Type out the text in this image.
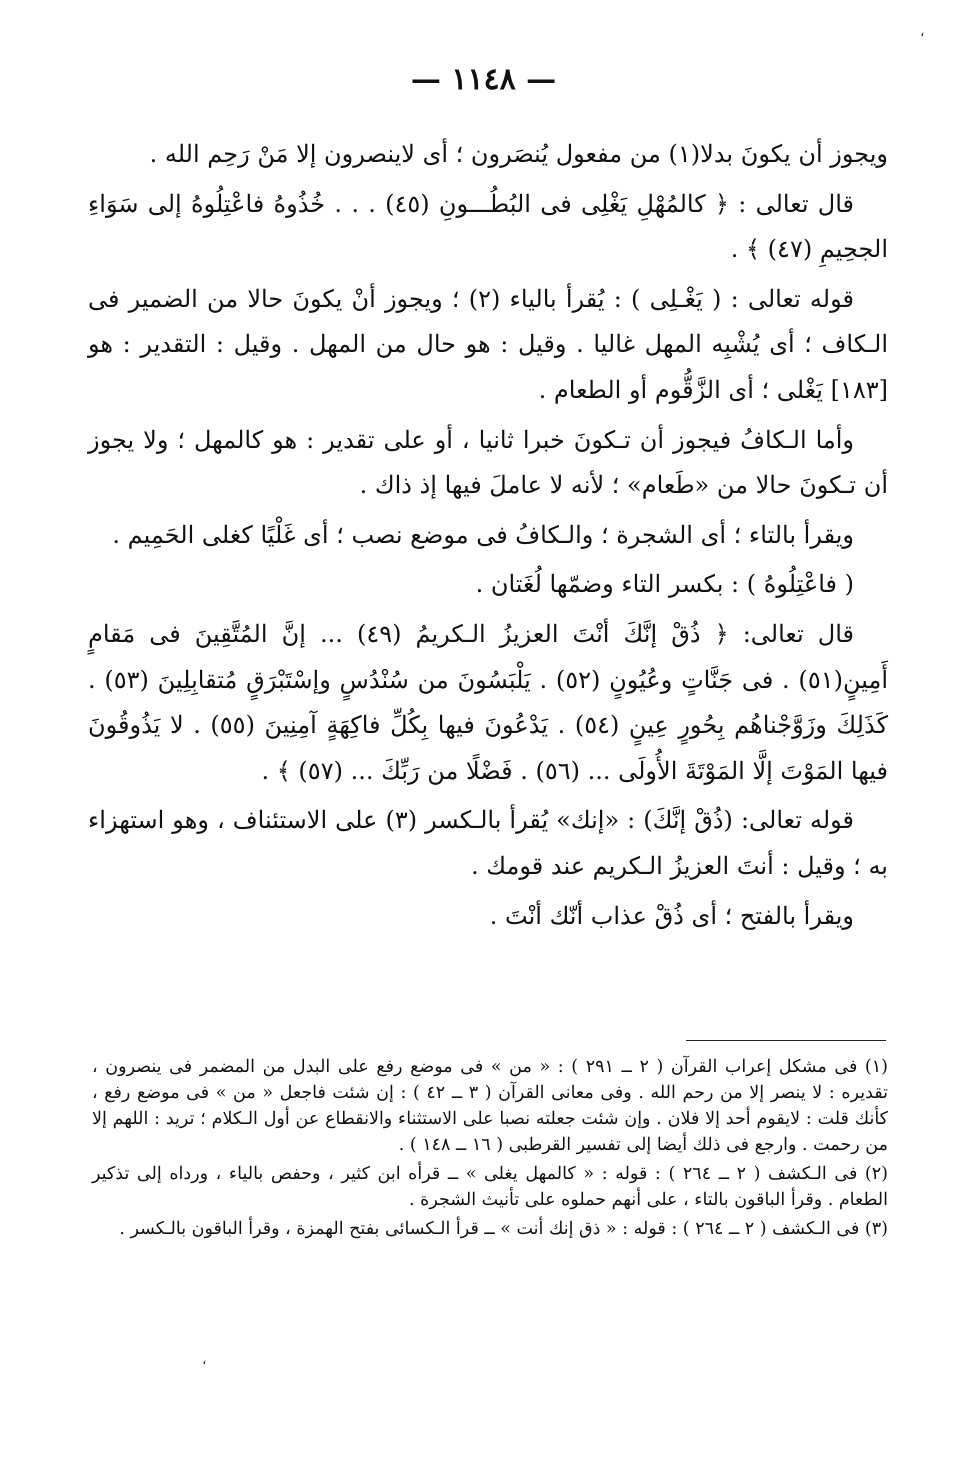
— ١١٤٨ —

ويجوز أن يكونَ بدلا(١) من مفعول يُنصَرون ؛ أى لاينصرون إلا مَنْ رَحِم الله .

قال تعالى : ﴿ كالمُهْلِ يَغْلِى فى البُطُـــونِ (٤٥) . . . خُذُوهُ فاعْتِلُوهُ إلى سَوَاءِ الجحِيمِ (٤٧) ﴾ .

قوله تعالى : ( يَغْـلِى ) : يُقرأ بالياء (٢) ؛ ويجوز أنْ يكونَ حالا من الضمير فى الـكاف ؛ أى يُشْبِه المهل غاليا . وقيل : هو حال من المهل . وقيل : التقدير : هو [١٨٣] يَغْلى ؛ أى الزَّقُّوم أو الطعام .

وأما الـكافُ فيجوز أن تـكونَ خبرا ثانيا ، أو على تقدير : هو كالمهل ؛ ولا يجوز أن تـكونَ حالا من «طَعام» ؛ لأنه لا عاملَ فيها إذ ذاك .

ويقرأ بالتاء ؛ أى الشجرة ؛ والـكافُ فى موضع نصب ؛ أى غَلْيًا كغلى الحَمِيم .

( فاعْتِلُوهُ ) : بكسر التاء وضمّها لُغَتان .

قال تعالى: ﴿ ذُقْ إنَّكَ أنْتَ العزيزُ الـكريمُ (٤٩) ... إنَّ المُتَّقِينَ فى مَقامٍ أَمِينٍ(٥١) . فى جَنَّاتٍ وعُيُونٍ (٥٢) . يَلْبَسُونَ من سُنْدُسٍ وإسْتَبْرَقٍ مُتقابِلِينَ (٥٣) . كَذَلِكَ وزَوَّجْناهُم بِحُورٍ عِينٍ (٥٤) . يَدْعُونَ فيها بِكُلِّ فاكِهَةٍ آمِنِينَ (٥٥) . لا يَذُوقُونَ فيها المَوْتَ إلَّا المَوْتَةَ الأُولَى ... (٥٦) . فَضْلًا من رَبِّكَ ... (٥٧) ﴾ .

قوله تعالى: (ذُقْ إنَّكَ) : «إنك» يُقرأ بالـكسر (٣) على الاستئناف ، وهو استهزاء به ؛ وقيل : أنتَ العزيزُ الـكريم عند قومك .

ويقرأ بالفتح ؛ أى ذُقْ عذاب أنّك أنْتَ .

(١) فى مشكل إعراب القرآن ( ٢ ــ ٢٩١ ) : « من » فى موضع رفع على البدل من المضمر فى ينصرون ، تقديره : لا ينصر إلا من رحم الله . وفى معانى القرآن ( ٣ ــ ٤٢ ) : إن شئت فاجعل « من » فى موضع رفع ، كأنك قلت : لايقوم أحد إلا فلان . وإن شئت جعلته نصبا على الاستثناء والانقطاع عن أول الـكلام ؛ تريد : اللهم إلا من رحمت . وارجع فى ذلك أيضا إلى تفسير القرطبى ( ١٦ ــ ١٤٨ ) .

(٢) فى الـكشف ( ٢ ــ ٢٦٤ ) : قوله : « كالمهل يغلى » ــ قرأه ابن كثير ، وحفص بالياء ، ورداه إلى تذكير الطعام . وقرأ الباقون بالتاء ، على أنهم حملوه على تأنيث الشجرة .

(٣) فى الـكشف ( ٢ ــ ٢٦٤ ) : قوله : « ذق إنك أنت » ــ قرأ الـكسائى بفتح الهمزة ، وقرأ الباقون بالـكسر .

،
،
